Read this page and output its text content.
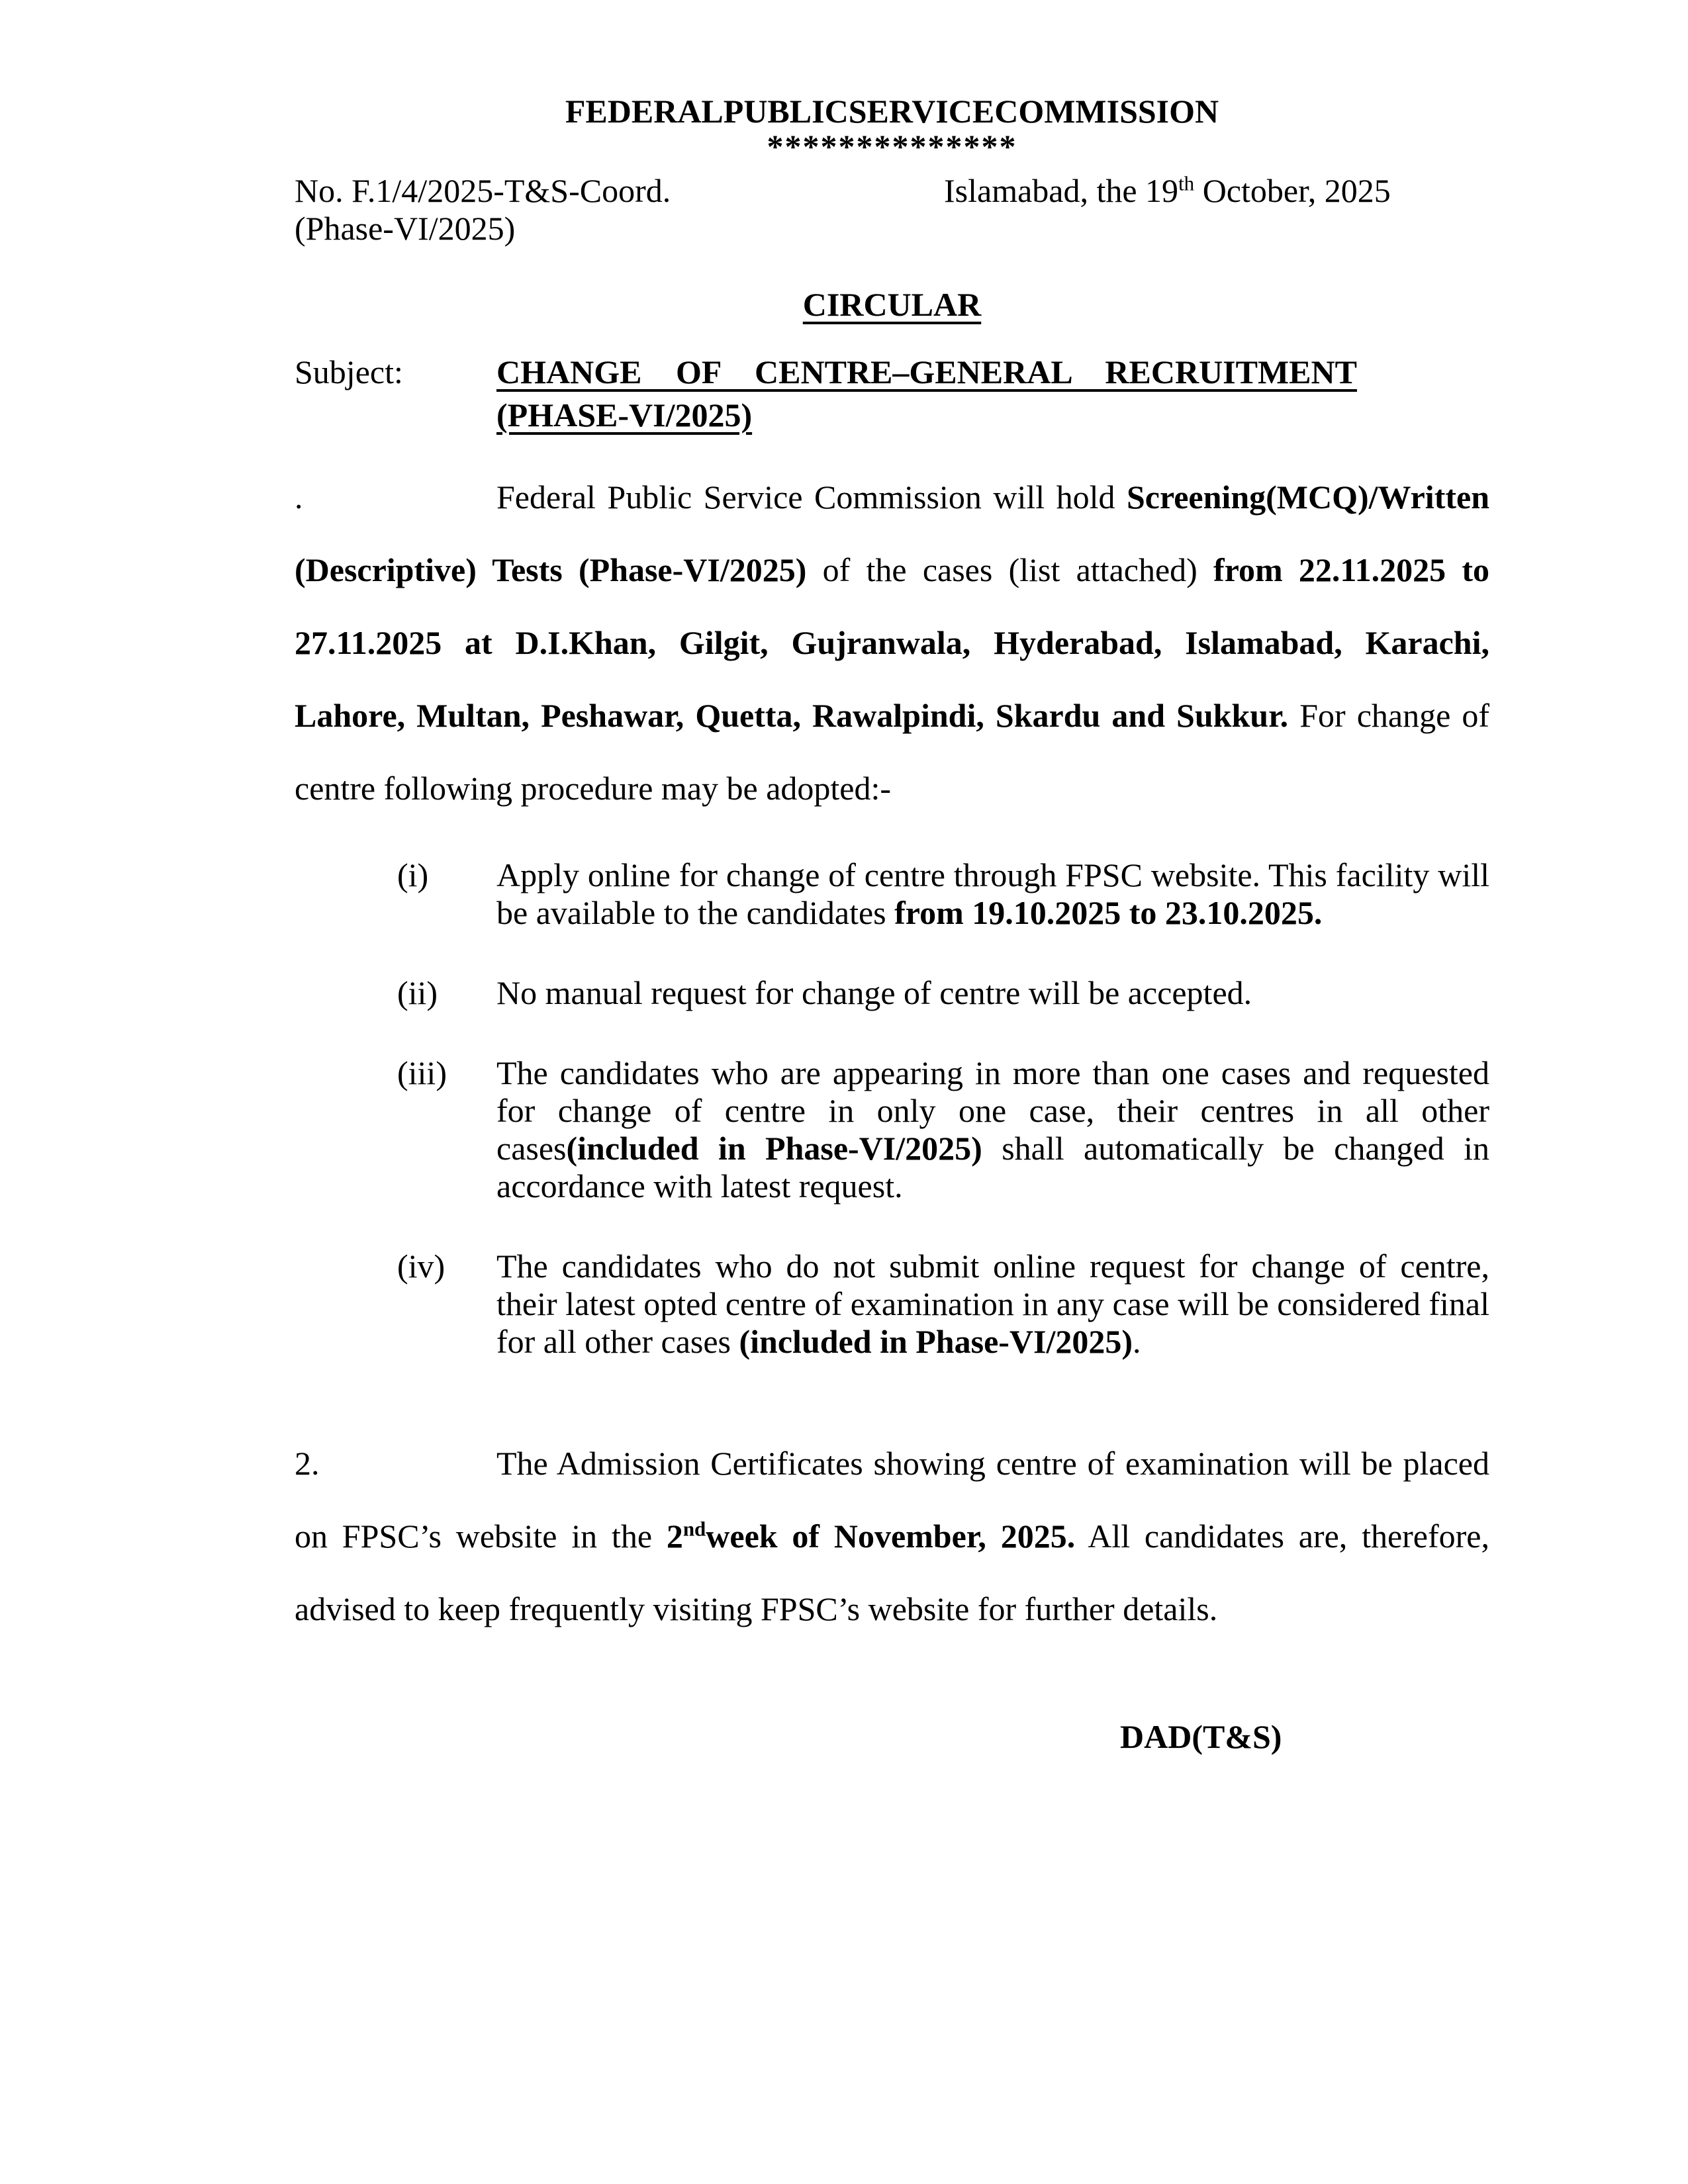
FEDERALPUBLICSERVICECOMMISSION
**************
No. F.1/4/2025-T&S-Coord.	Islamabad, the 19th October, 2025
(Phase-VI/2025)
CIRCULAR
Subject:	CHANGE OF CENTRE–GENERAL RECRUITMENT (PHASE-VI/2025)
.	Federal Public Service Commission will hold Screening(MCQ)/Written (Descriptive) Tests (Phase-VI/2025) of the cases (list attached) from 22.11.2025 to 27.11.2025 at D.I.Khan, Gilgit, Gujranwala, Hyderabad, Islamabad, Karachi, Lahore, Multan, Peshawar, Quetta, Rawalpindi, Skardu and Sukkur. For change of centre following procedure may be adopted:-
(i) Apply online for change of centre through FPSC website. This facility will be available to the candidates from 19.10.2025 to 23.10.2025.
(ii) No manual request for change of centre will be accepted.
(iii) The candidates who are appearing in more than one cases and requested for change of centre in only one case, their centres in all other cases(included in Phase-VI/2025) shall automatically be changed in accordance with latest request.
(iv) The candidates who do not submit online request for change of centre, their latest opted centre of examination in any case will be considered final for all other cases (included in Phase-VI/2025).
2.	The Admission Certificates showing centre of examination will be placed on FPSC’s website in the 2ndweek of November, 2025. All candidates are, therefore, advised to keep frequently visiting FPSC’s website for further details.
DAD(T&S)
